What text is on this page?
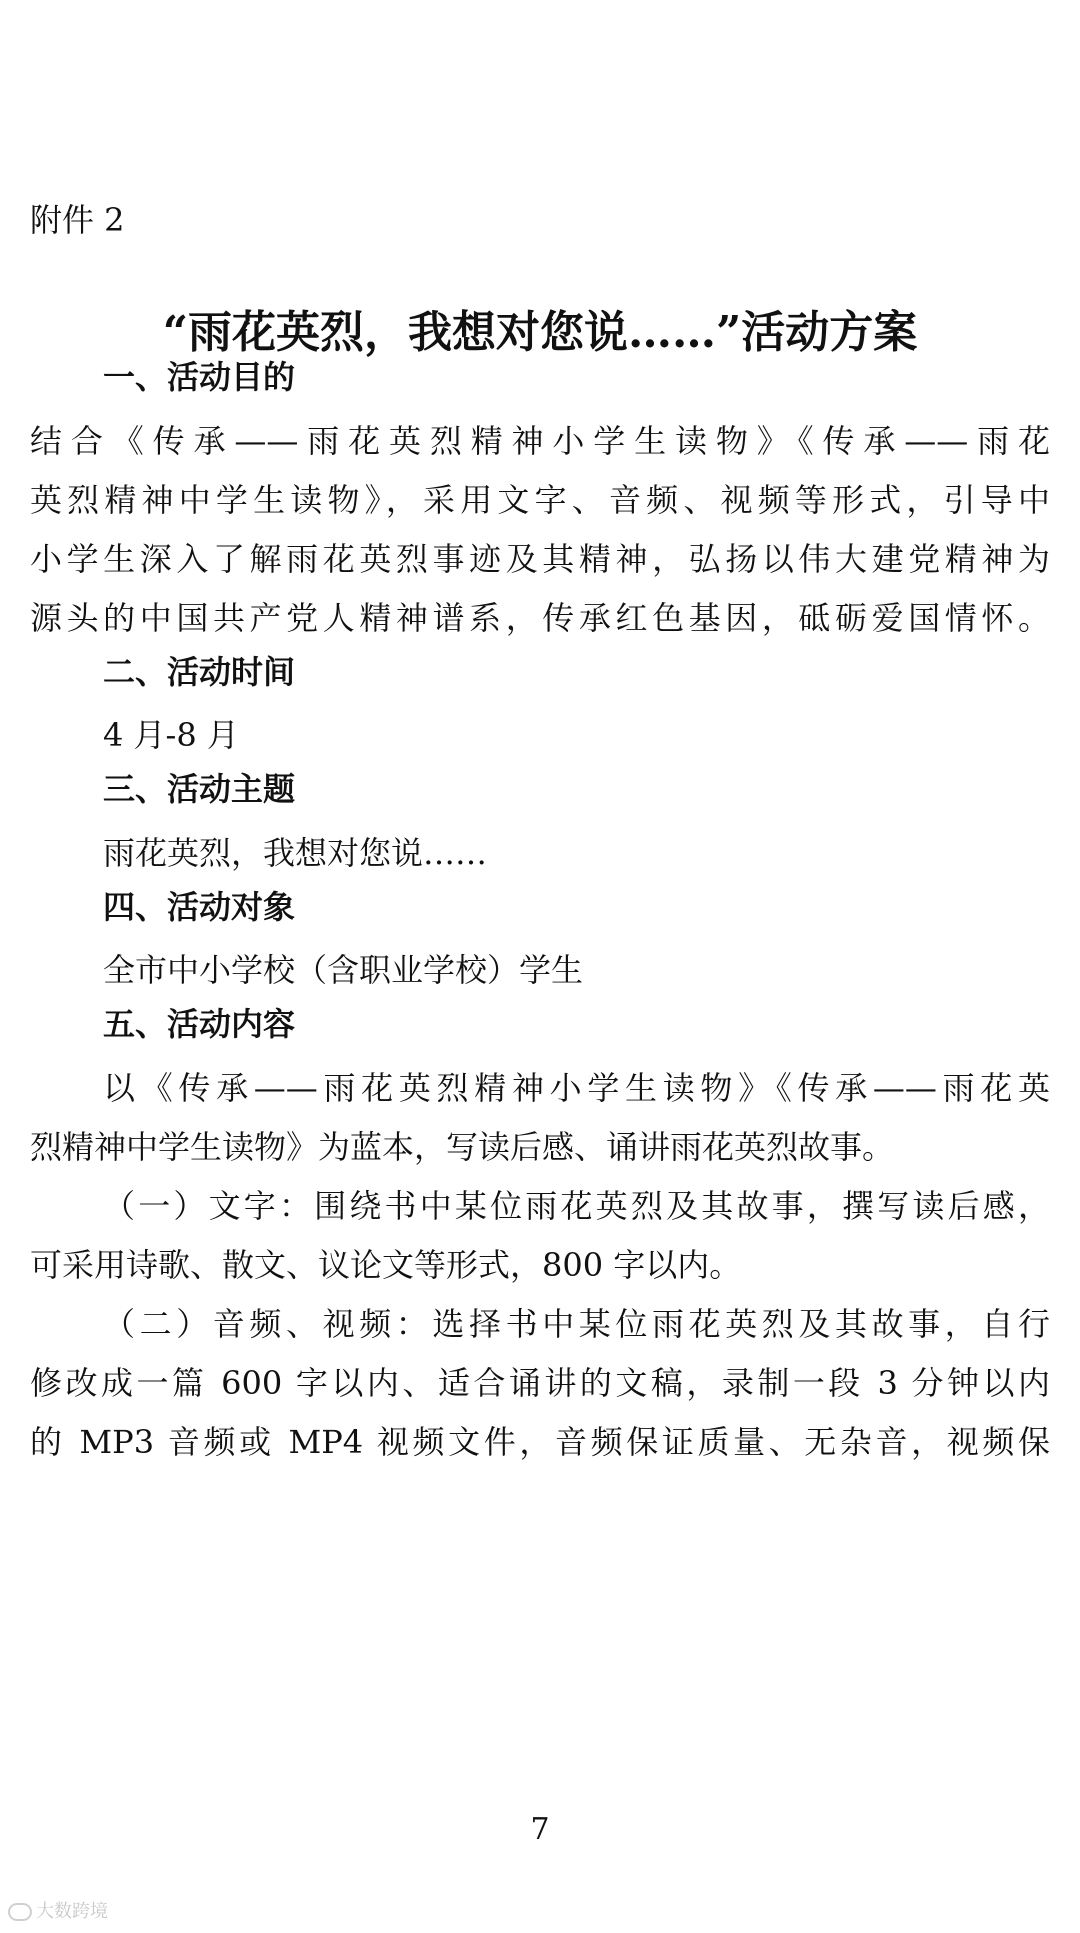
附件 2
“雨花英烈，我想对您说……”活动方案
一、活动目的

结合《传承——雨花英烈精神小学生读物》《传承——雨花

英烈精神中学生读物》，采用文字、音频、视频等形式，引导中

小学生深入了解雨花英烈事迹及其精神，弘扬以伟大建党精神为

源头的中国共产党人精神谱系，传承红色基因，砥砺爱国情怀。

二、活动时间

4 月-8 月

三、活动主题

雨花英烈，我想对您说……

四、活动对象

全市中小学校（含职业学校）学生

五、活动内容

以《传承——雨花英烈精神小学生读物》《传承——雨花英

烈精神中学生读物》为蓝本，写读后感、诵讲雨花英烈故事。

（一）文字：围绕书中某位雨花英烈及其故事，撰写读后感，

可采用诗歌、散文、议论文等形式，800 字以内。

（二）音频、视频：选择书中某位雨花英烈及其故事，自行

修改成一篇 600 字以内、适合诵讲的文稿，录制一段 3 分钟以内

的 MP3 音频或 MP4 视频文件，音频保证质量、无杂音，视频保

7
大数跨境
